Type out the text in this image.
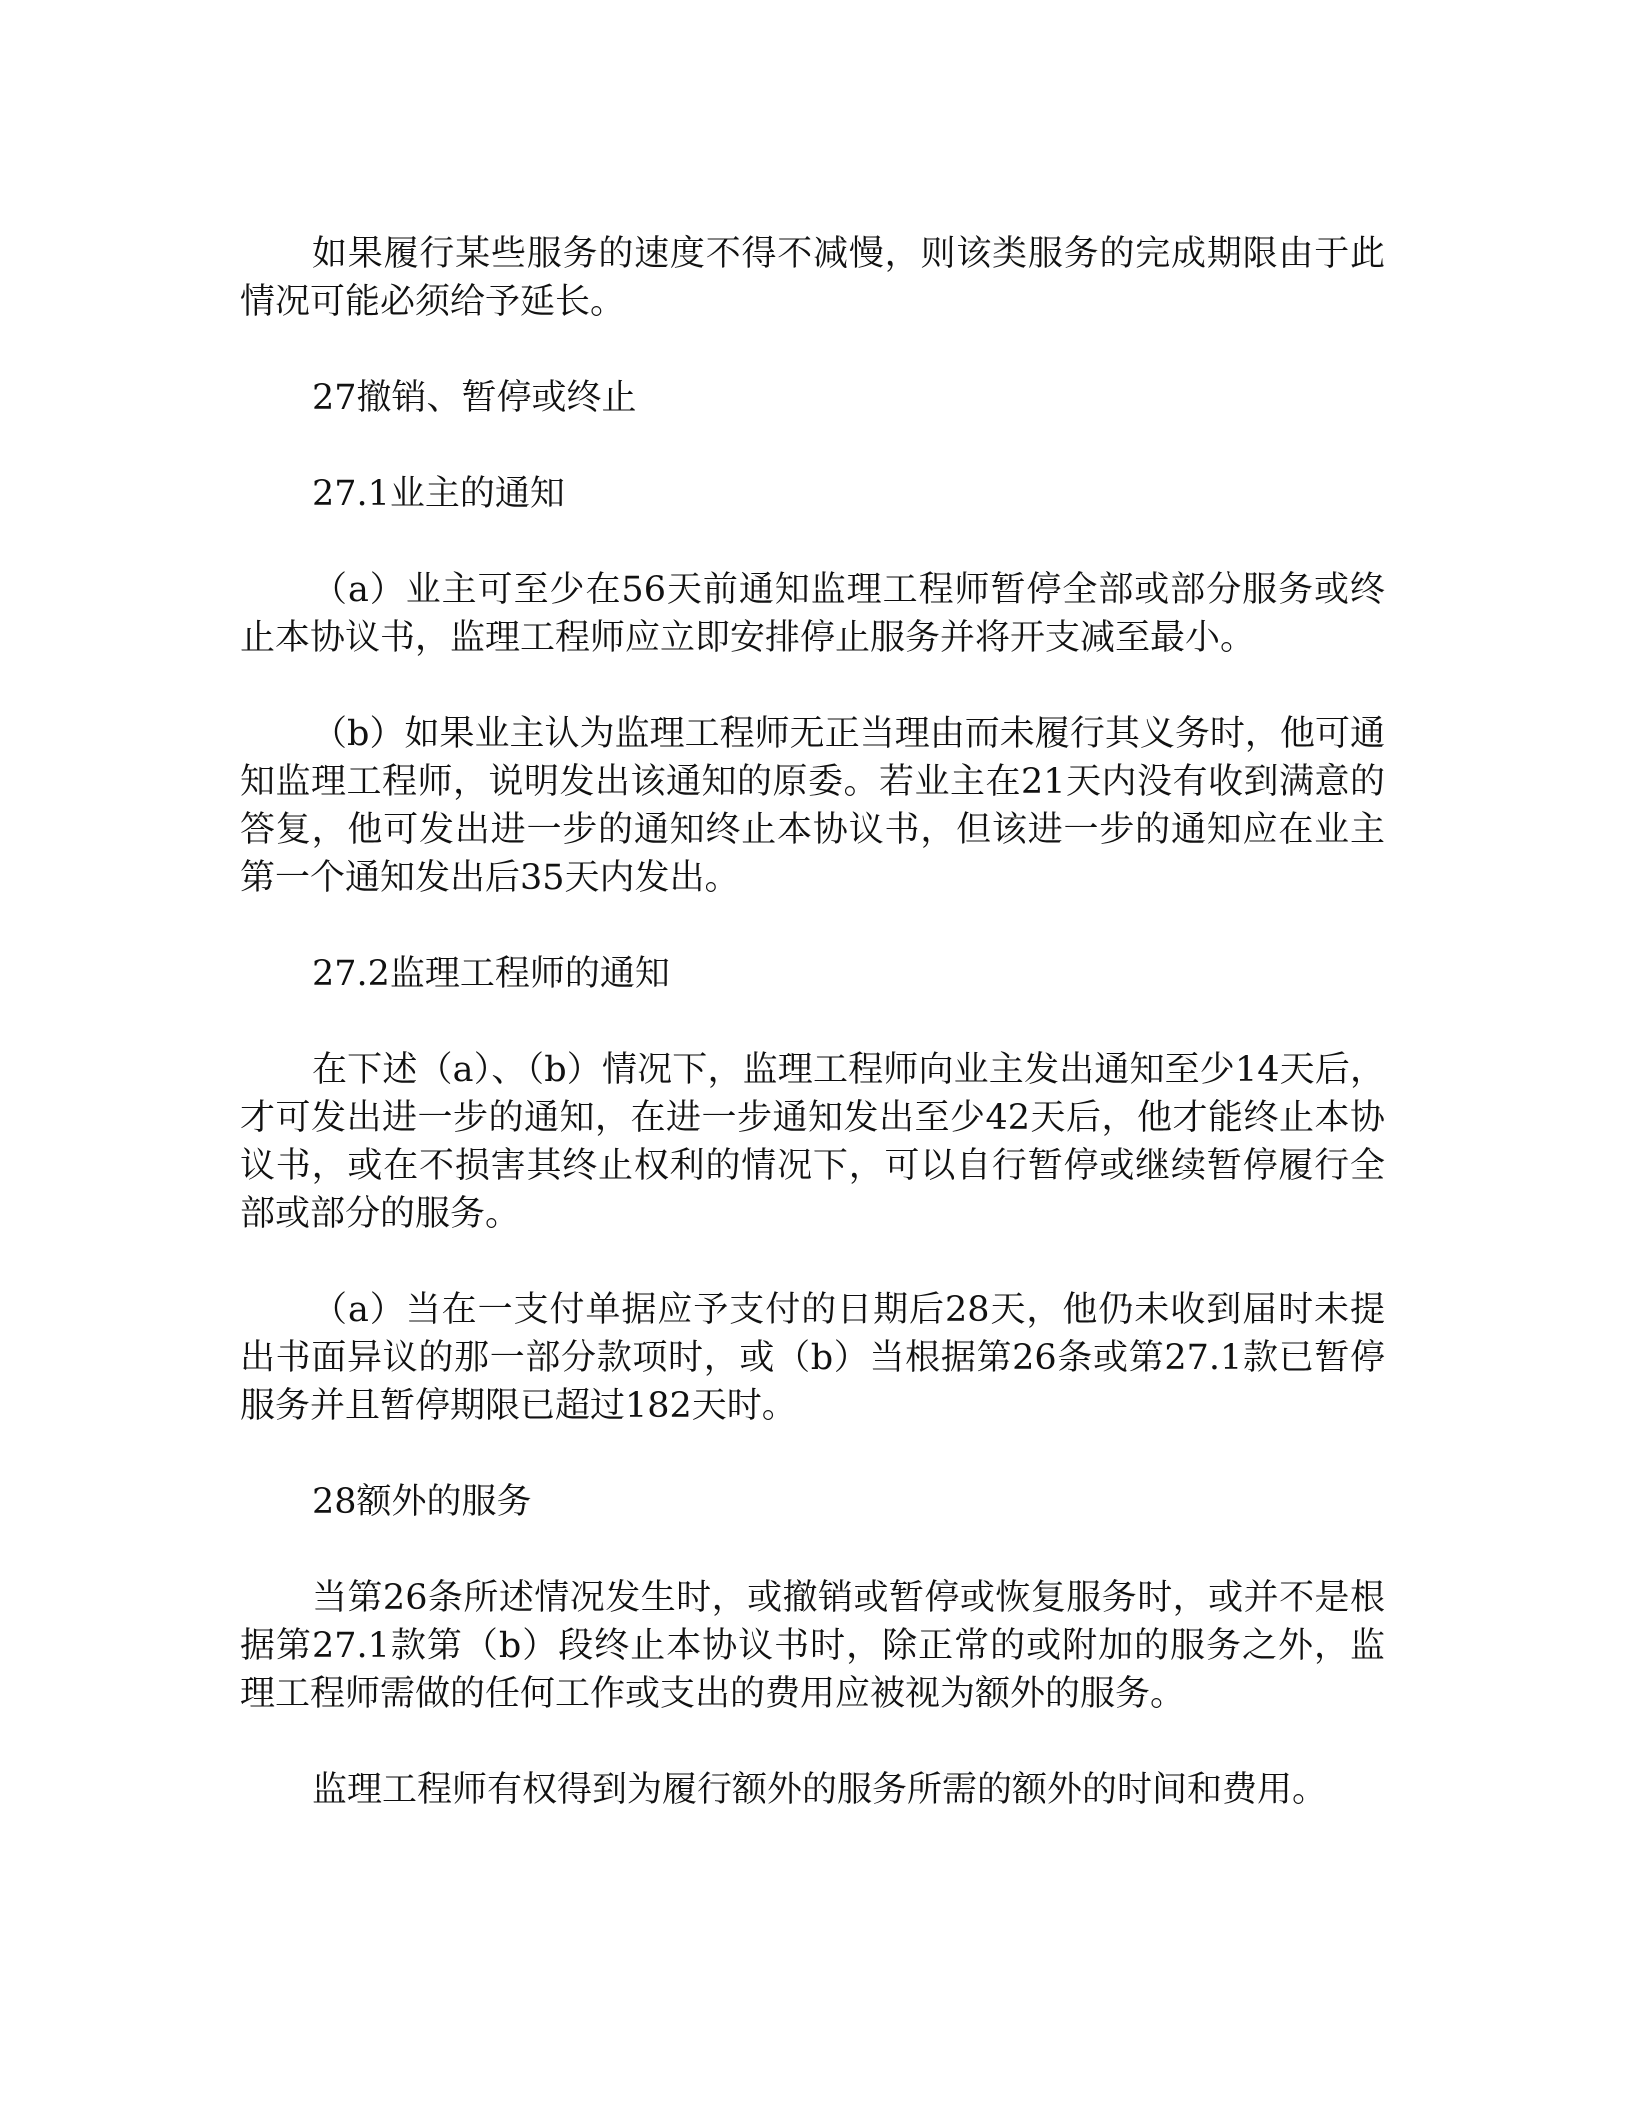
如果履行某些服务的速度不得不减慢，则该类服务的完成期限由于此情况可能必须给予延长。

27撤销、暂停或终止

27.1业主的通知

（a）业主可至少在56天前通知监理工程师暂停全部或部分服务或终止本协议书，监理工程师应立即安排停止服务并将开支减至最小。

（b）如果业主认为监理工程师无正当理由而未履行其义务时，他可通知监理工程师，说明发出该通知的原委。若业主在21天内没有收到满意的答复，他可发出进一步的通知终止本协议书，但该进一步的通知应在业主第一个通知发出后35天内发出。

27.2监理工程师的通知

在下述（a）、（b）情况下，监理工程师向业主发出通知至少14天后，才可发出进一步的通知，在进一步通知发出至少42天后，他才能终止本协议书，或在不损害其终止权利的情况下，可以自行暂停或继续暂停履行全部或部分的服务。

（a）当在一支付单据应予支付的日期后28天，他仍未收到届时未提出书面异议的那一部分款项时，或（b）当根据第26条或第27.1款已暂停服务并且暂停期限已超过182天时。

28额外的服务

当第26条所述情况发生时，或撤销或暂停或恢复服务时，或并不是根据第27.1款第（b）段终止本协议书时，除正常的或附加的服务之外，监理工程师需做的任何工作或支出的费用应被视为额外的服务。

监理工程师有权得到为履行额外的服务所需的额外的时间和费用。
